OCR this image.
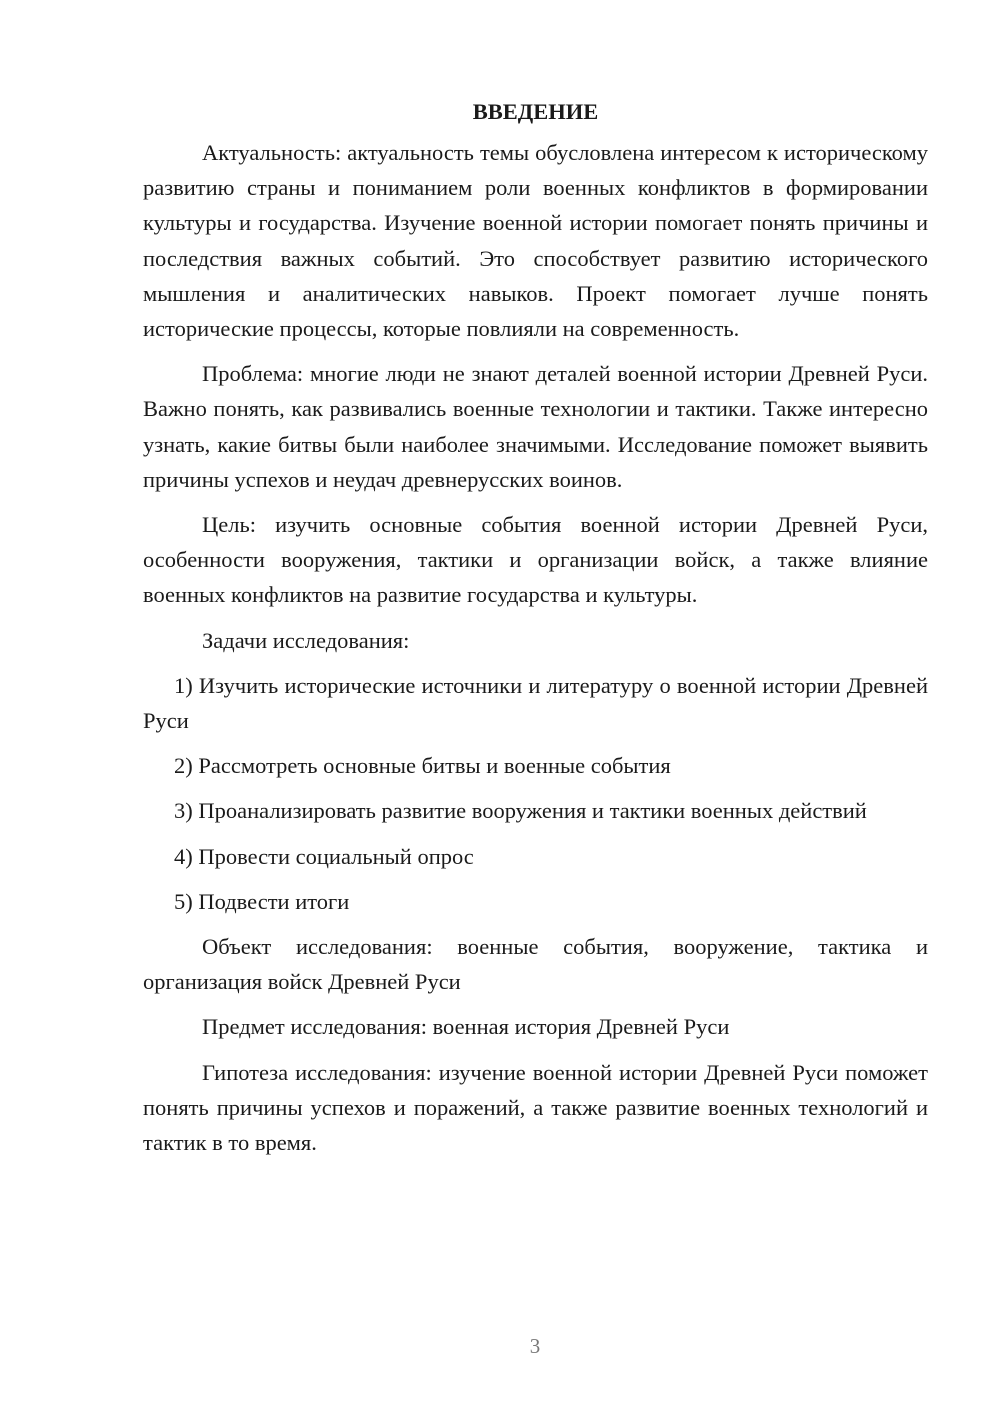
ВВЕДЕНИЕ

Актуальность: актуальность темы обусловлена интересом к историческому развитию страны и пониманием роли военных конфликтов в формировании культуры и государства. Изучение военной истории помогает понять причины и последствия важных событий. Это способствует развитию исторического мышления и аналитических навыков. Проект помогает лучше понять исторические процессы, которые повлияли на современность.

Проблема: многие люди не знают деталей военной истории Древней Руси. Важно понять, как развивались военные технологии и тактики. Также интересно узнать, какие битвы были наиболее значимыми. Исследование поможет выявить причины успехов и неудач древнерусских воинов.

Цель: изучить основные события военной истории Древней Руси, особенности вооружения, тактики и организации войск, а также влияние военных конфликтов на развитие государства и культуры.

Задачи исследования:

1) Изучить исторические источники и литературу о военной истории Древней Руси

2) Рассмотреть основные битвы и военные события

3) Проанализировать развитие вооружения и тактики военных действий

4) Провести социальный опрос

5) Подвести итоги

Объект исследования: военные события, вооружение, тактика и организация войск Древней Руси

Предмет исследования: военная история Древней Руси

Гипотеза исследования: изучение военной истории Древней Руси поможет понять причины успехов и поражений, а также развитие военных технологий и тактик в то время.

3
